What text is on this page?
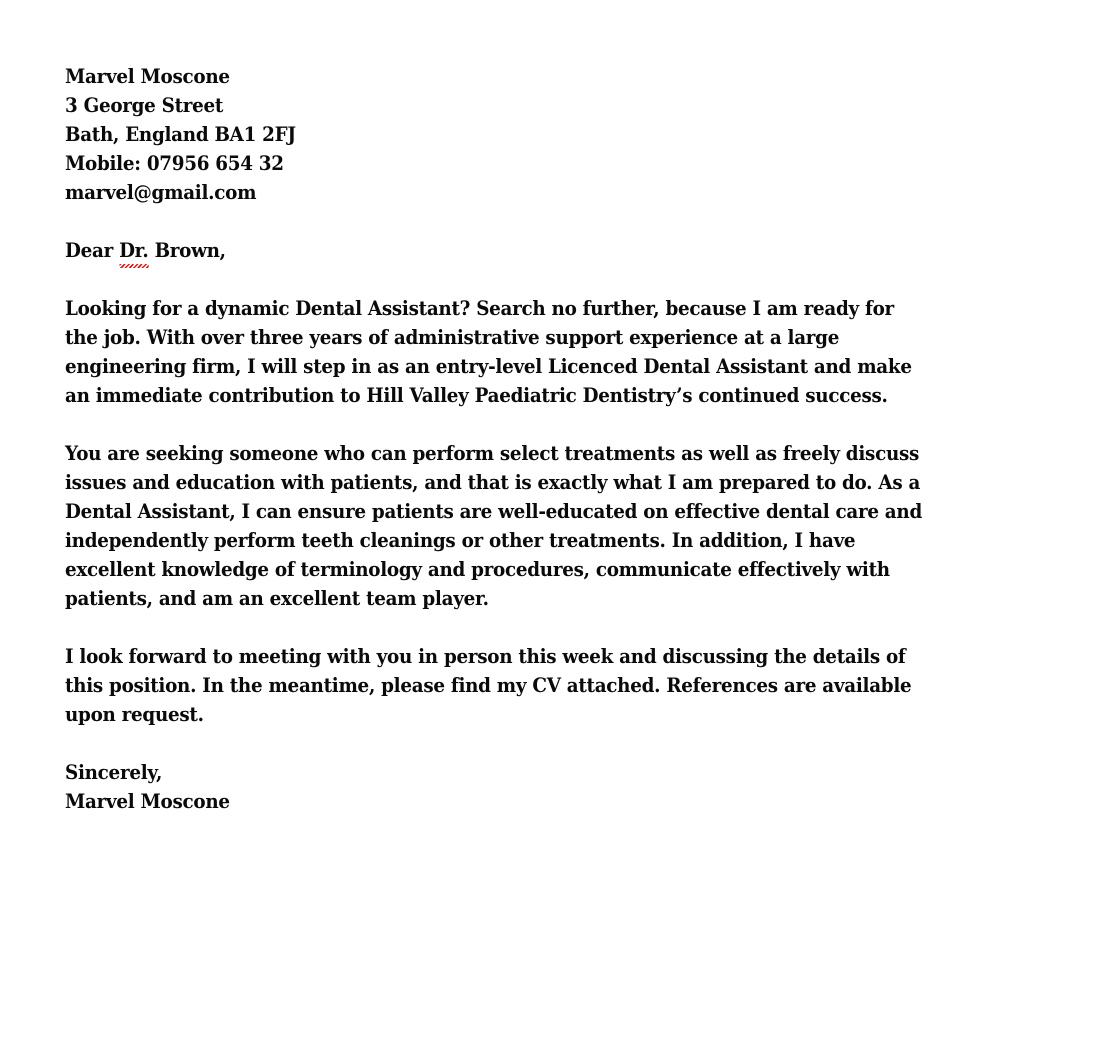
Marvel Moscone
3 George Street
Bath, England BA1 2FJ
Mobile: 07956 654 32
marvel@gmail.com
Dear Dr. Brown,

Looking for a dynamic Dental Assistant? Search no further, because I am ready for the job. With over three years of administrative support experience at a large engineering firm, I will step in as an entry-level Licenced Dental Assistant and make an immediate contribution to Hill Valley Paediatric Dentistry’s continued success.

You are seeking someone who can perform select treatments as well as freely discuss issues and education with patients, and that is exactly what I am prepared to do. As a Dental Assistant, I can ensure patients are well-educated on effective dental care and independently perform teeth cleanings or other treatments. In addition, I have excellent knowledge of terminology and procedures, communicate effectively with patients, and am an excellent team player.

I look forward to meeting with you in person this week and discussing the details of this position. In the meantime, please find my CV attached. References are available upon request.

Sincerely,
Marvel Moscone
